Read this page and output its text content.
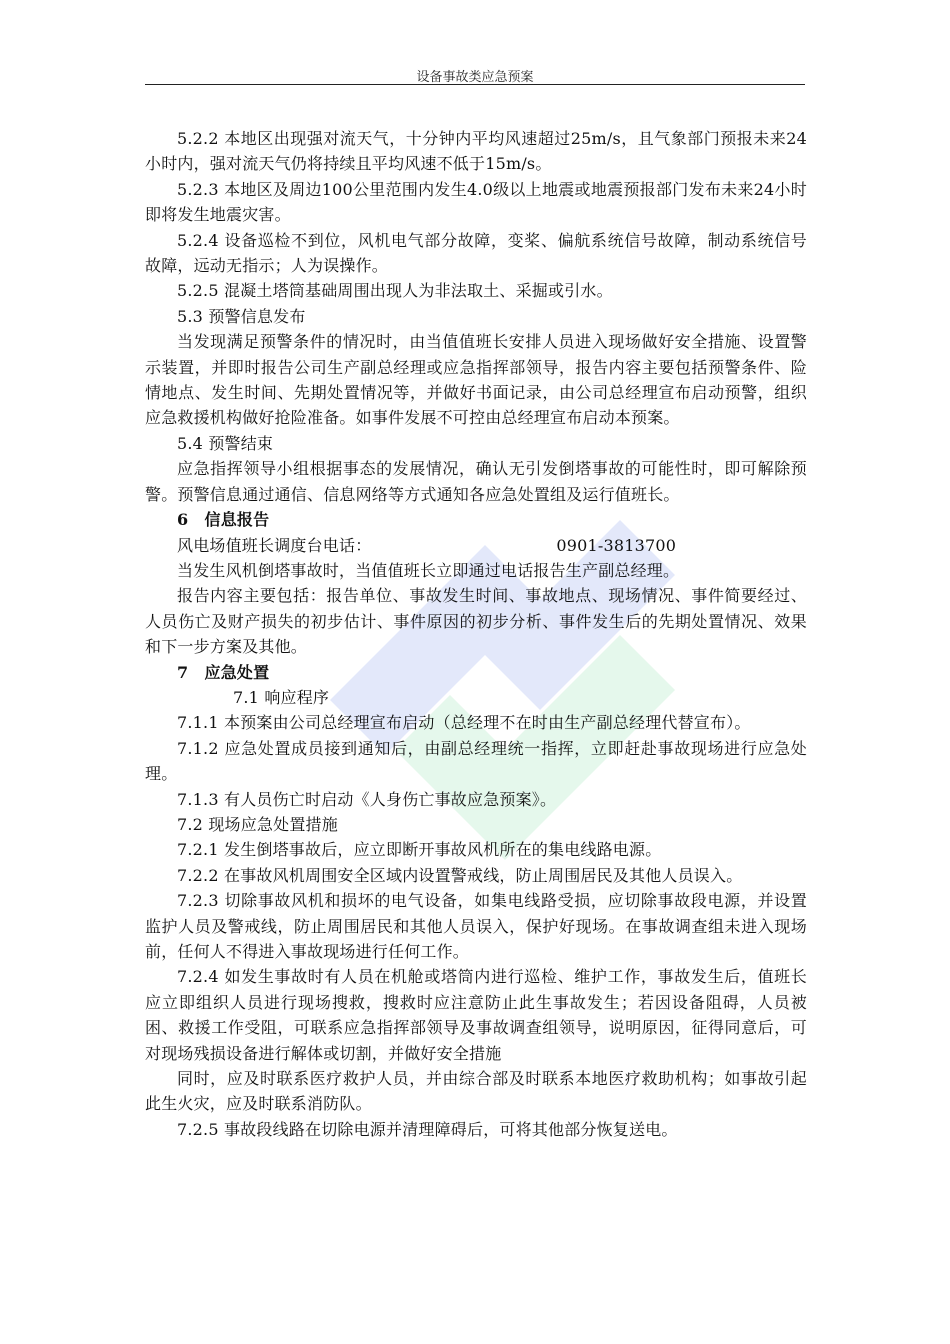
设备事故类应急预案

5.2.2 本地区出现强对流天气，十分钟内平均风速超过25m/s，且气象部门预报未来24小时内，强对流天气仍将持续且平均风速不低于15m/s。

5.2.3 本地区及周边100公里范围内发生4.0级以上地震或地震预报部门发布未来24小时即将发生地震灾害。

5.2.4 设备巡检不到位，风机电气部分故障，变桨、偏航系统信号故障，制动系统信号故障，远动无指示；人为误操作。

5.2.5 混凝土塔筒基础周围出现人为非法取土、采掘或引水。

5.3 预警信息发布

当发现满足预警条件的情况时，由当值值班长安排人员进入现场做好安全措施、设置警示装置，并即时报告公司生产副总经理或应急指挥部领导，报告内容主要包括预警条件、险情地点、发生时间、先期处置情况等，并做好书面记录，由公司总经理宣布启动预警，组织应急救援机构做好抢险准备。如事件发展不可控由总经理宣布启动本预案。

5.4 预警结束

应急指挥领导小组根据事态的发展情况，确认无引发倒塔事故的可能性时，即可解除预警。预警信息通过通信、信息网络等方式通知各应急处置组及运行值班长。

6　信息报告

风电场值班长调度台电话：	0901-3813700

当发生风机倒塔事故时，当值值班长立即通过电话报告生产副总经理。

报告内容主要包括：报告单位、事故发生时间、事故地点、现场情况、事件简要经过、人员伤亡及财产损失的初步估计、事件原因的初步分析、事件发生后的先期处置情况、效果和下一步方案及其他。

7　应急处置

7.1 响应程序

7.1.1 本预案由公司总经理宣布启动（总经理不在时由生产副总经理代替宣布）。

7.1.2 应急处置成员接到通知后，由副总经理统一指挥，立即赶赴事故现场进行应急处理。

7.1.3 有人员伤亡时启动《人身伤亡事故应急预案》。

7.2 现场应急处置措施

7.2.1 发生倒塔事故后，应立即断开事故风机所在的集电线路电源。

7.2.2 在事故风机周围安全区域内设置警戒线，防止周围居民及其他人员误入。

7.2.3 切除事故风机和损坏的电气设备，如集电线路受损，应切除事故段电源，并设置监护人员及警戒线，防止周围居民和其他人员误入，保护好现场。在事故调查组未进入现场前，任何人不得进入事故现场进行任何工作。

7.2.4 如发生事故时有人员在机舱或塔筒内进行巡检、维护工作，事故发生后，值班长应立即组织人员进行现场搜救，搜救时应注意防止此生事故发生；若因设备阻碍，人员被困、救援工作受阻，可联系应急指挥部领导及事故调查组领导，说明原因，征得同意后，可对现场残损设备进行解体或切割，并做好安全措施

同时，应及时联系医疗救护人员，并由综合部及时联系本地医疗救助机构；如事故引起此生火灾，应及时联系消防队。

7.2.5 事故段线路在切除电源并清理障碍后，可将其他部分恢复送电。
